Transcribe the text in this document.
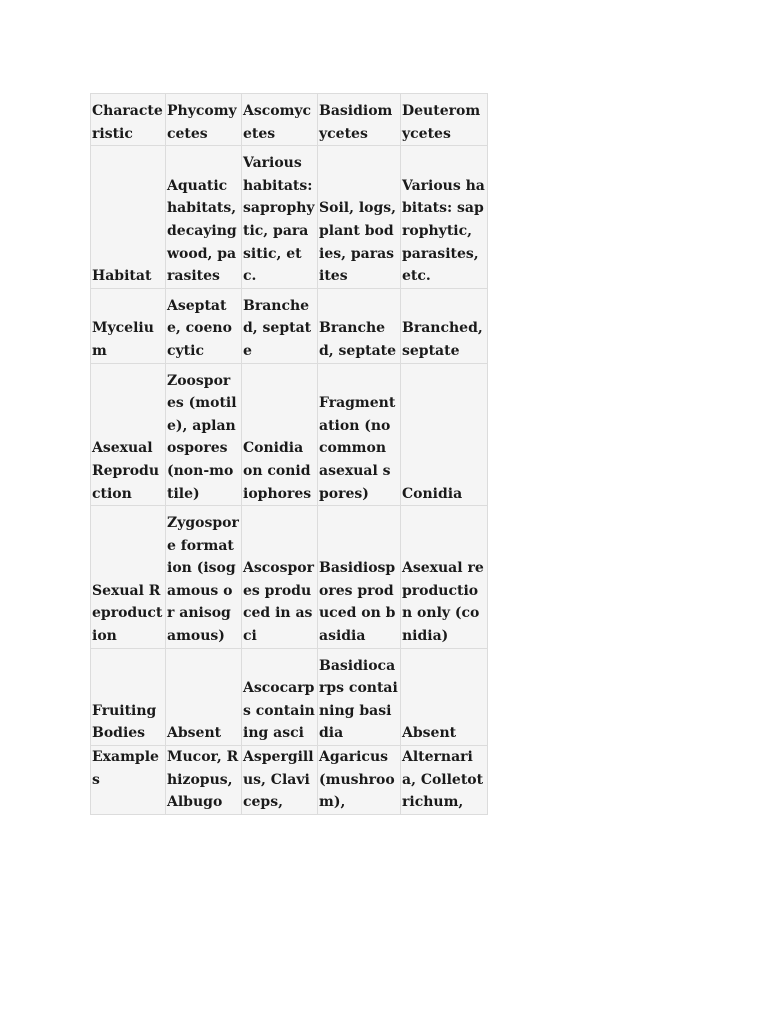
Characteristic	Phycomycetes	Ascomycetes	Basidiomycetes	Deuteromycetes
Habitat	Aquatic habitats, decaying wood, parasites	Various habitats: saprophytic, parasitic, etc.	Soil, logs, plant bodies, parasites	Various habitats: saprophytic, parasites, etc.
Mycelium	Aseptate, coenocytic	Branched, septate	Branched, septate	Branched, septate
Asexual Reproduction	Zoospores (motile), aplanospores (non-motile)	Conidia on conidiophores	Fragmentation (no common asexual spores)	Conidia
Sexual Reproduction	Zygospore formation (isogamous or anisogamous)	Ascospores produced in asci	Basidiospores produced on basidia	Asexual reproduction only (conidia)
Fruiting Bodies	Absent	Ascocarps containing asci	Basidiocarps containing basidia	Absent
Examples	Mucor, Rhizopus, Albugo	Aspergillus, Claviceps,	Agaricus (mushroom),	Alternaria, Colletotrichum,
